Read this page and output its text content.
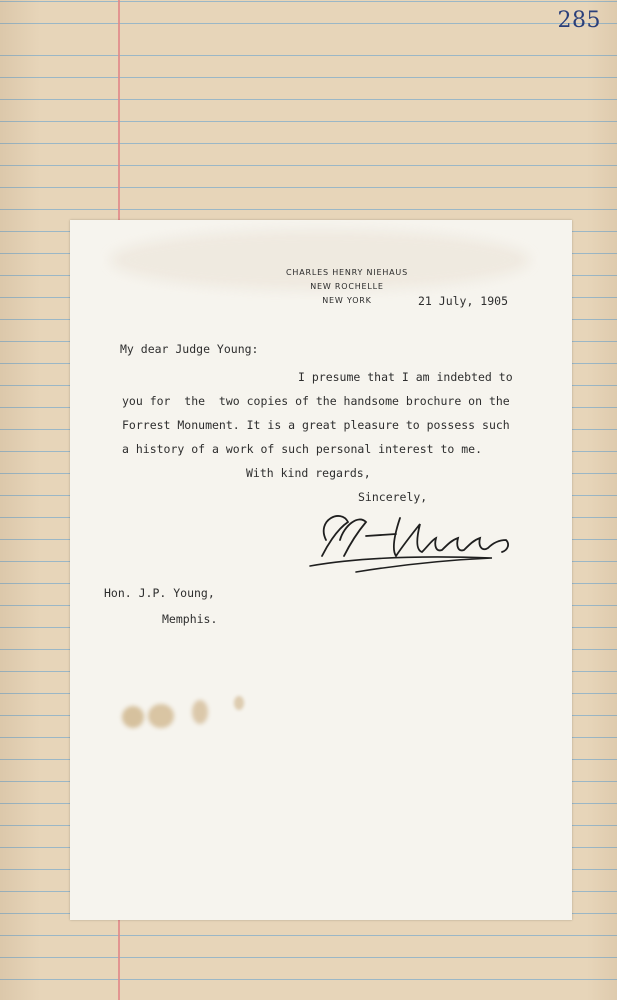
285
CHARLES HENRY NIEHAUS
NEW ROCHELLE
NEW YORK	21 July, 1905
My dear Judge Young:
I presume that I am indebted to
you for  the  two copies of the handsome brochure on the
Forrest Monument. It is a great pleasure to possess such
a history of a work of such personal interest to me.
With kind regards,
Sincerely,
Hon. J.P. Young,
Memphis.
